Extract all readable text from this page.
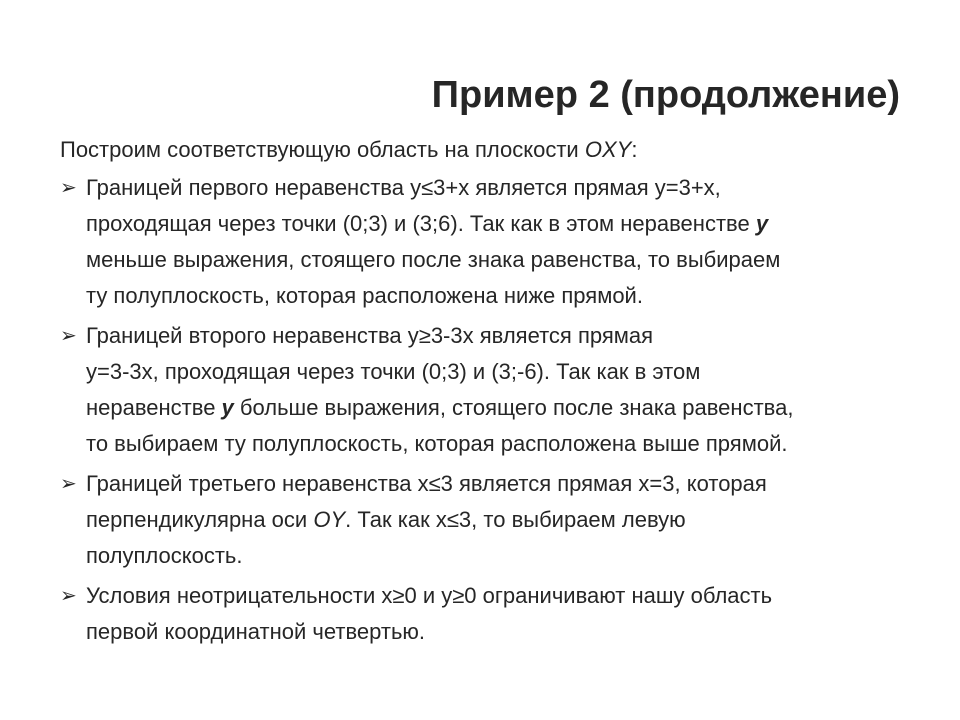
Пример 2 (продолжение)

Построим соответствующую область на плоскости OXY:

➢ Границей первого неравенства y≤3+x является прямая y=3+x,
проходящая через точки (0;3) и (3;6). Так как в этом неравенстве y
меньше выражения, стоящего после знака равенства, то выбираем
ту полуплоскость, которая расположена ниже прямой.
➢ Границей второго неравенства y≥3-3x является прямая
y=3-3x, проходящая через точки (0;3) и (3;-6). Так как в этом
неравенстве y больше выражения, стоящего после знака равенства,
то выбираем ту полуплоскость, которая расположена выше прямой.
➢ Границей третьего неравенства x≤3 является прямая x=3, которая
перпендикулярна оси OY. Так как x≤3, то выбираем левую
полуплоскость.
➢ Условия неотрицательности x≥0 и y≥0 ограничивают нашу область
первой координатной четвертью.
